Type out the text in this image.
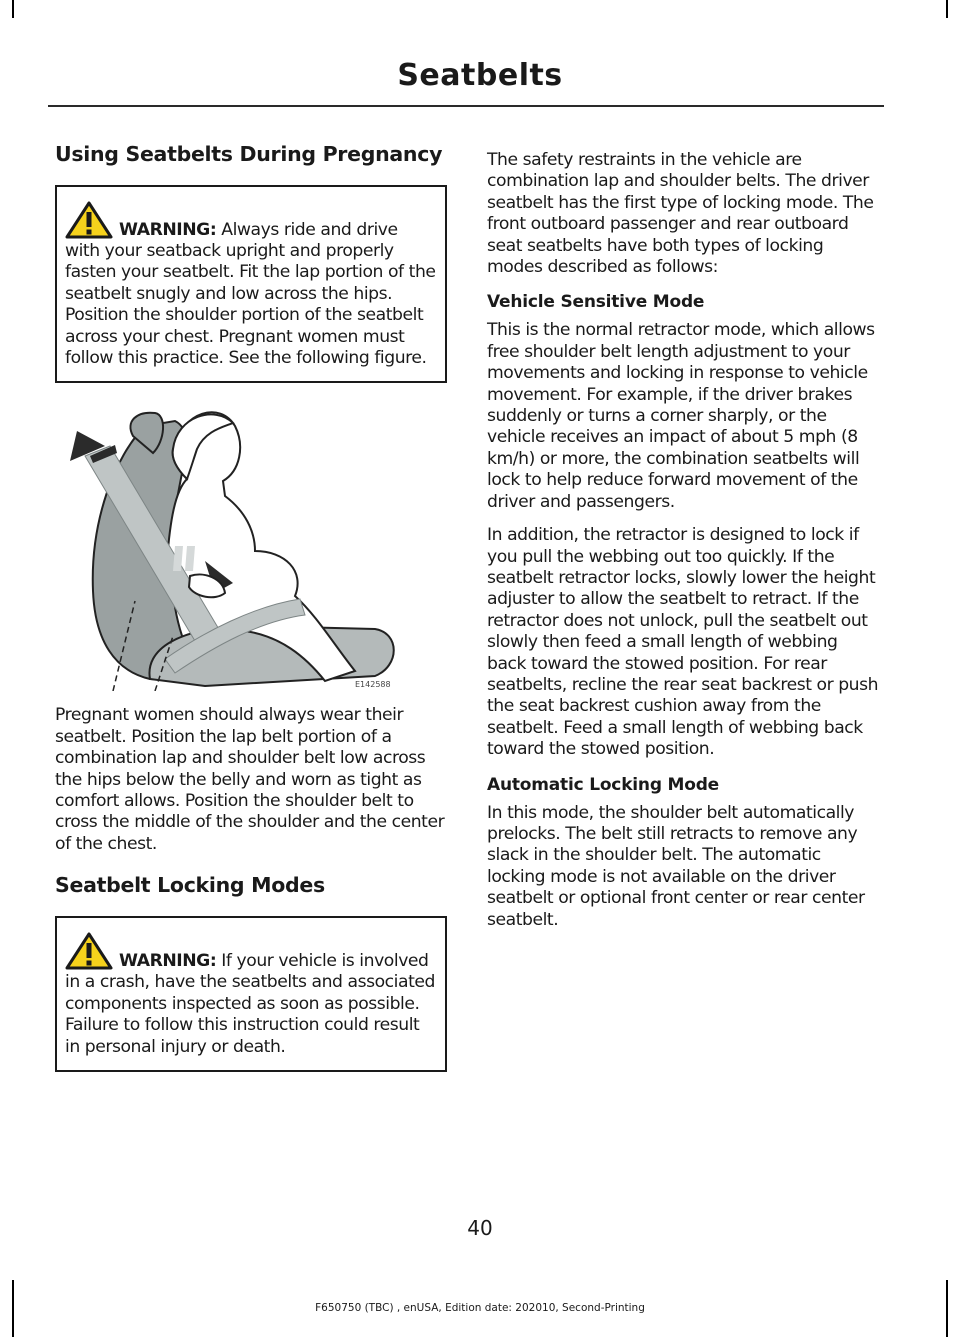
Seatbelts
Using Seatbelts During Pregnancy

WARNING: Always ride and drive with your seatback upright and properly fasten your seatbelt. Fit the lap portion of the seatbelt snugly and low across the hips. Position the shoulder portion of the seatbelt across your chest. Pregnant women must follow this practice. See the following figure.

E142588

Pregnant women should always wear their seatbelt. Position the lap belt portion of a combination lap and shoulder belt low across the hips below the belly and worn as tight as comfort allows. Position the shoulder belt to cross the middle of the shoulder and the center of the chest.

Seatbelt Locking Modes

WARNING: If your vehicle is involved in a crash, have the seatbelts and associated components inspected as soon as possible. Failure to follow this instruction could result in personal injury or death.

The safety restraints in the vehicle are combination lap and shoulder belts. The driver seatbelt has the first type of locking mode. The front outboard passenger and rear outboard seat seatbelts have both types of locking modes described as follows:

Vehicle Sensitive Mode

This is the normal retractor mode, which allows free shoulder belt length adjustment to your movements and locking in response to vehicle movement. For example, if the driver brakes suddenly or turns a corner sharply, or the vehicle receives an impact of about 5 mph (8 km/h) or more, the combination seatbelts will lock to help reduce forward movement of the driver and passengers.

In addition, the retractor is designed to lock if you pull the webbing out too quickly. If the seatbelt retractor locks, slowly lower the height adjuster to allow the seatbelt to retract. If the retractor does not unlock, pull the seatbelt out slowly then feed a small length of webbing back toward the stowed position. For rear seatbelts, recline the rear seat backrest or push the seat backrest cushion away from the seatbelt. Feed a small length of webbing back toward the stowed position.

Automatic Locking Mode

In this mode, the shoulder belt automatically prelocks. The belt still retracts to remove any slack in the shoulder belt. The automatic locking mode is not available on the driver seatbelt or optional front center or rear center seatbelt.

40
F650750 (TBC) , enUSA, Edition date: 202010, Second-Printing
